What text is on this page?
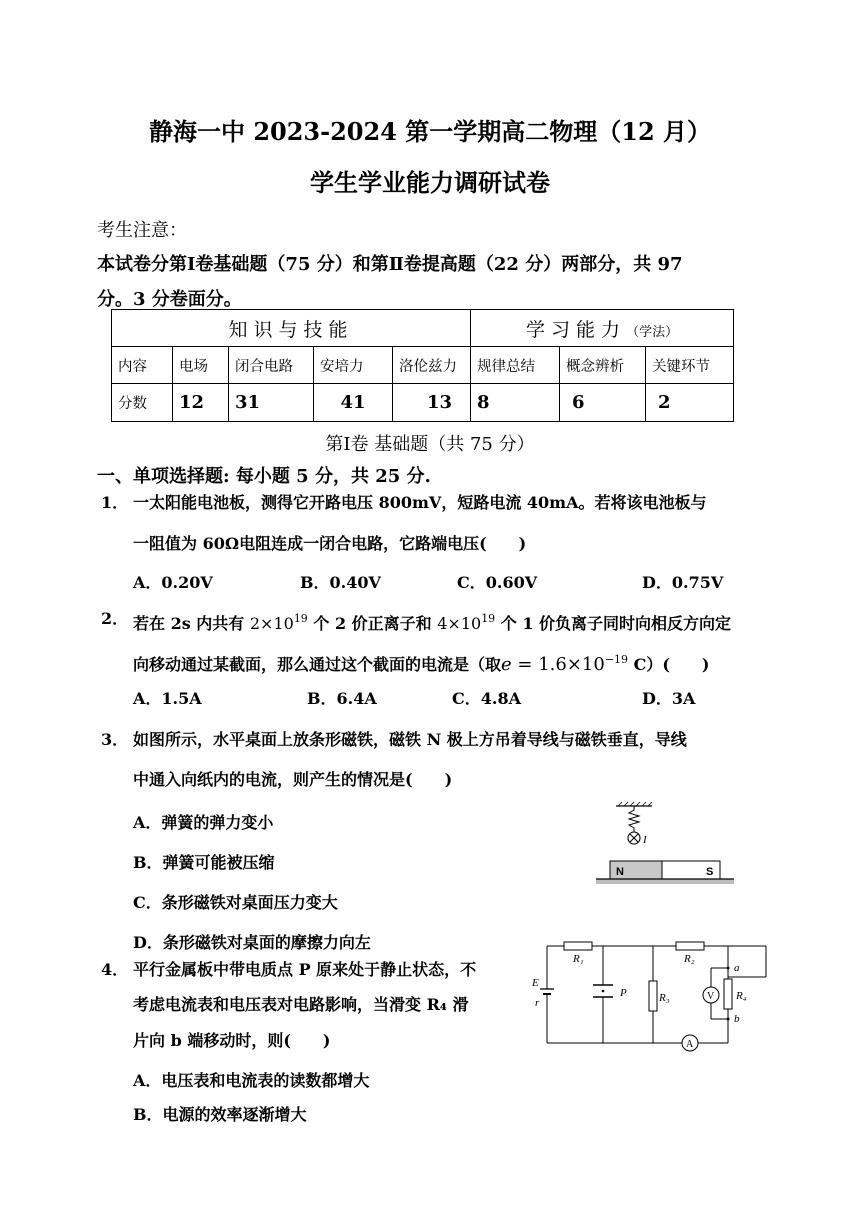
静海一中 2023-2024 第一学期高二物理（12 月）
学生学业能力调研试卷
考生注意：
本试卷分第Ⅰ卷基础题（75 分）和第Ⅱ卷提高题（22 分）两部分，共 97
分。3 分卷面分。
知识与技能					学习能力（学法）		
内容	电场	闭合电路	安培力	洛伦兹力	规律总结	概念辨析	关键环节
分数	12	31	41	13	8	6	2
第Ⅰ卷 基础题（共 75 分）
一、单项选择题: 每小题 5 分，共 25 分.
1． 一太阳能电池板，测得它开路电压 800mV，短路电流 40mA。若将该电池板与
一阻值为 60Ω电阻连成一闭合电路，它路端电压(　　)
A．0.20V	B．0.40V	C．0.60V	D．0.75V
2． 若在 2s 内共有 $2\times 10^{19}$ 个 2 价正离子和 $4\times 10^{19}$ 个 1 价负离子同时向相反方向定
向移动通过某截面，那么通过这个截面的电流是（取$e = 1.6\times 10^{-19}$ C）(　　)
A．1.5A	B．6.4A	C．4.8A	D．3A
3． 如图所示，水平桌面上放条形磁铁，磁铁 N 极上方吊着导线与磁铁垂直，导线
中通入向纸内的电流，则产生的情况是(　　)
A．弹簧的弹力变小
B．弹簧可能被压缩
C．条形磁铁对桌面压力变大
D．条形磁铁对桌面的摩擦力向左
I
N	S
4． 平行金属板中带电质点 P 原来处于静止状态，不
考虑电流表和电压表对电路影响，当滑变 R₄ 滑
片向 b 端移动时，则(　　)
A．电压表和电流表的读数都增大
B．电源的效率逐渐增大
R₁	R₂
R₃	R₄
E
r
P
a
b
V
A
